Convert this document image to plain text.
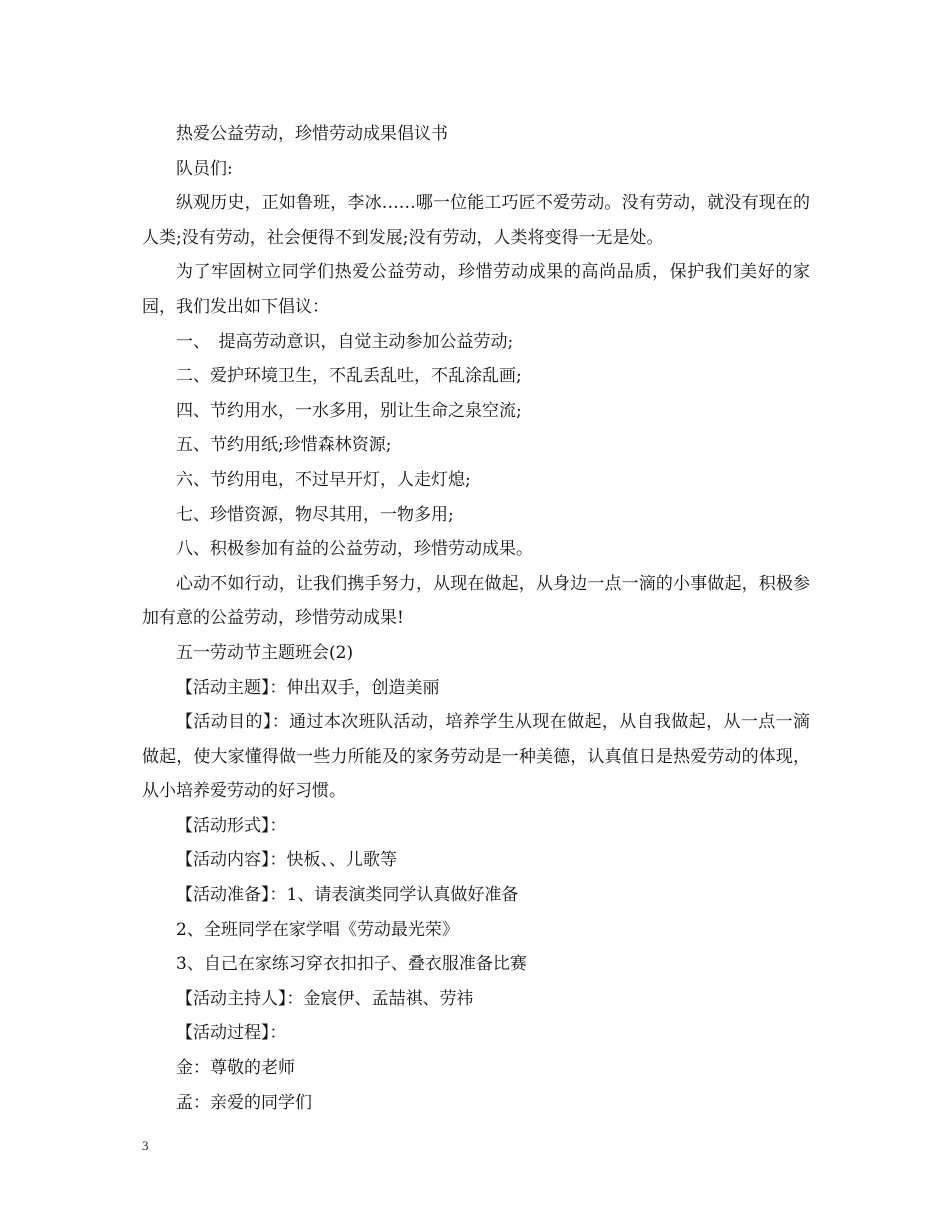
热爱公益劳动，珍惜劳动成果倡议书

队员们:

纵观历史，正如鲁班，李冰……哪一位能工巧匠不爱劳动。没有劳动，就没有现在的人类;没有劳动，社会便得不到发展;没有劳动，人类将变得一无是处。

为了牢固树立同学们热爱公益劳动，珍惜劳动成果的高尚品质，保护我们美好的家园，我们发出如下倡议：

一、　提高劳动意识，自觉主动参加公益劳动;

二、爱护环境卫生，不乱丢乱吐，不乱涂乱画;

四、节约用水，一水多用，别让生命之泉空流;

五、节约用纸;珍惜森林资源;

六、节约用电，不过早开灯，人走灯熄;

七、珍惜资源，物尽其用，一物多用;

八、积极参加有益的公益劳动，珍惜劳动成果。

心动不如行动，让我们携手努力，从现在做起，从身边一点一滴的小事做起，积极参加有意的公益劳动，珍惜劳动成果!

五一劳动节主题班会(2)

【活动主题】：伸出双手，创造美丽

【活动目的】：通过本次班队活动，培养学生从现在做起，从自我做起，从一点一滴做起，使大家懂得做一些力所能及的家务劳动是一种美德，认真值日是热爱劳动的体现，从小培养爱劳动的好习惯。

【活动形式】：

【活动内容】：快板、、儿歌等

【活动准备】：1、请表演类同学认真做好准备

2、全班同学在家学唱《劳动最光荣》

3、自己在家练习穿衣扣扣子、叠衣服准备比赛

【活动主持人】：金宸伊、孟喆祺、劳祎

【活动过程】：

金：尊敬的老师

孟：亲爱的同学们

3
